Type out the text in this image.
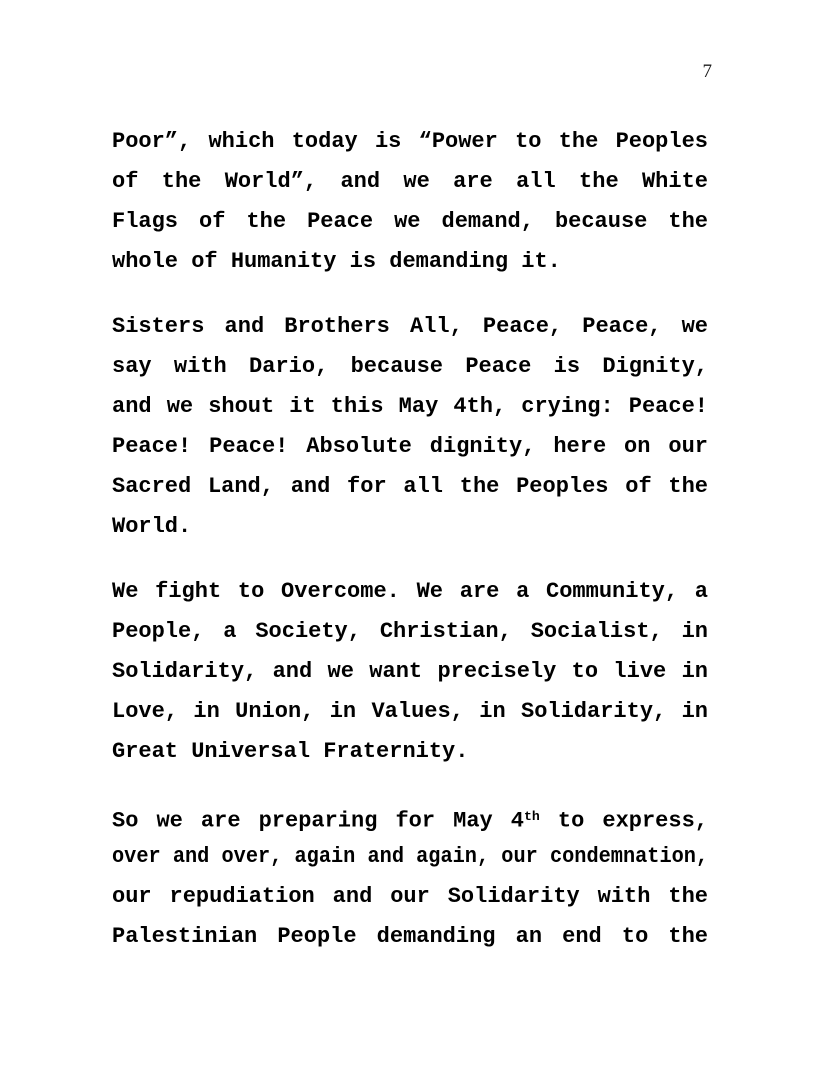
7
Poor”, which today is “Power to the Peoples
of the World”, and we are all the White
Flags of the Peace we demand, because the
whole of Humanity is demanding it.
Sisters and Brothers All, Peace, Peace, we
say with Dario, because Peace is Dignity,
and we shout it this May 4th, crying: Peace!
Peace! Peace! Absolute dignity, here on our
Sacred Land, and for all the Peoples of the
World.
We fight to Overcome. We are a Community, a
People, a Society, Christian, Socialist, in
Solidarity, and we want precisely to live in
Love, in Union, in Values, in Solidarity, in
Great Universal Fraternity.
So we are preparing for May 4th to express,
over and over, again and again, our condemnation,
our repudiation and our Solidarity with the
Palestinian People demanding an end to the
